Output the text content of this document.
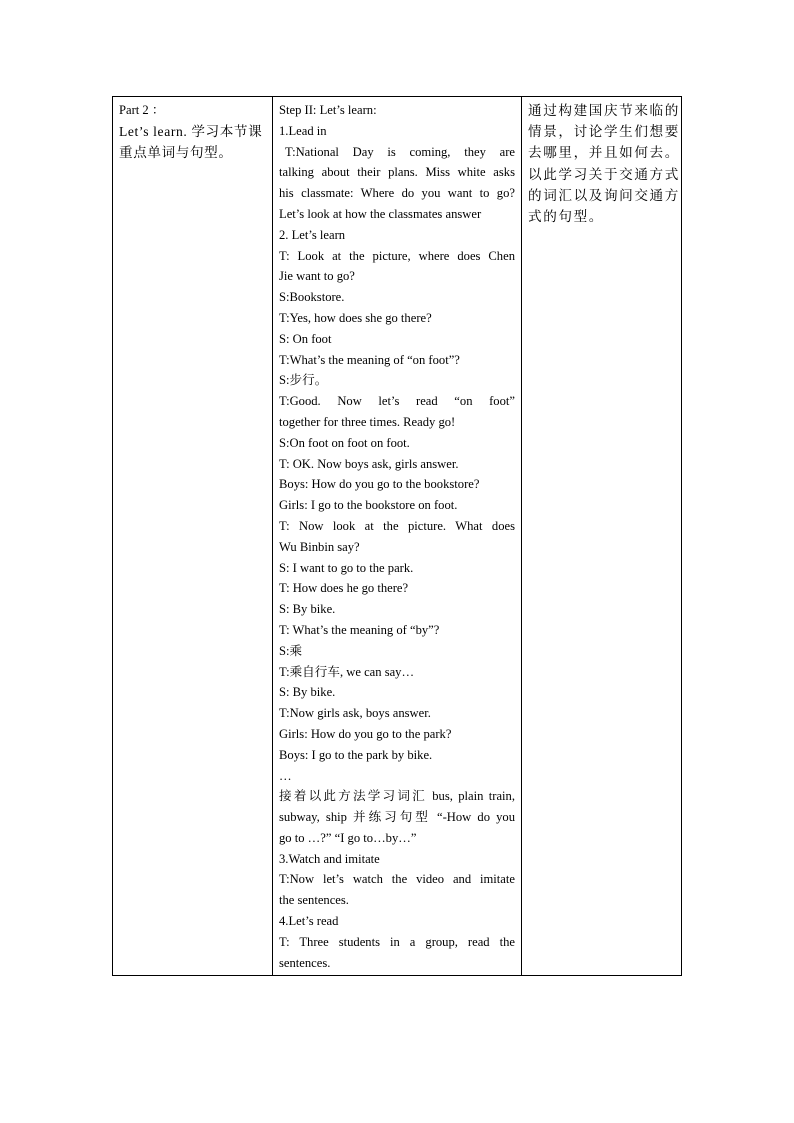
Part 2 ：
Let’s learn. 学习本节课
重点单词与句型。

Step II: Let’s learn:
1.Lead in
T:National Day is coming, they are
talking about their plans. Miss white asks
his classmate: Where do you want to go?
Let’s look at how the classmates answer
2. Let’s learn
T: Look at the picture, where does Chen
Jie want to go?
S:Bookstore.
T:Yes, how does she go there?
S: On foot
T:What’s the meaning of “on foot”?
S:步行。
T:Good. Now let’s read “on foot”
together for three times. Ready go!
S:On foot on foot on foot.
T: OK. Now boys ask, girls answer.
Boys: How do you go to the bookstore?
Girls: I go to the bookstore on foot.
T: Now look at the picture. What does
Wu Binbin say?
S: I want to go to the park.
T: How does he go there?
S: By bike.
T: What’s the meaning of “by”?
S:乘
T:乘自行车, we can say…
S: By bike.
T:Now girls ask, boys answer.
Girls: How do you go to the park?
Boys: I go to the park by bike.
…
接着以此方法学习词汇 bus, plain train,
subway, ship 并练习句型 “-How do you
go to …?” “I go to…by…”
3.Watch and imitate
T:Now let’s watch the video and imitate
the sentences.
4.Let’s read
T: Three students in a group, read the
sentences.

通过构建国庆节来临的
情景，讨论学生们想要
去哪里，并且如何去。
以此学习关于交通方式
的词汇以及询问交通方
式的句型。
